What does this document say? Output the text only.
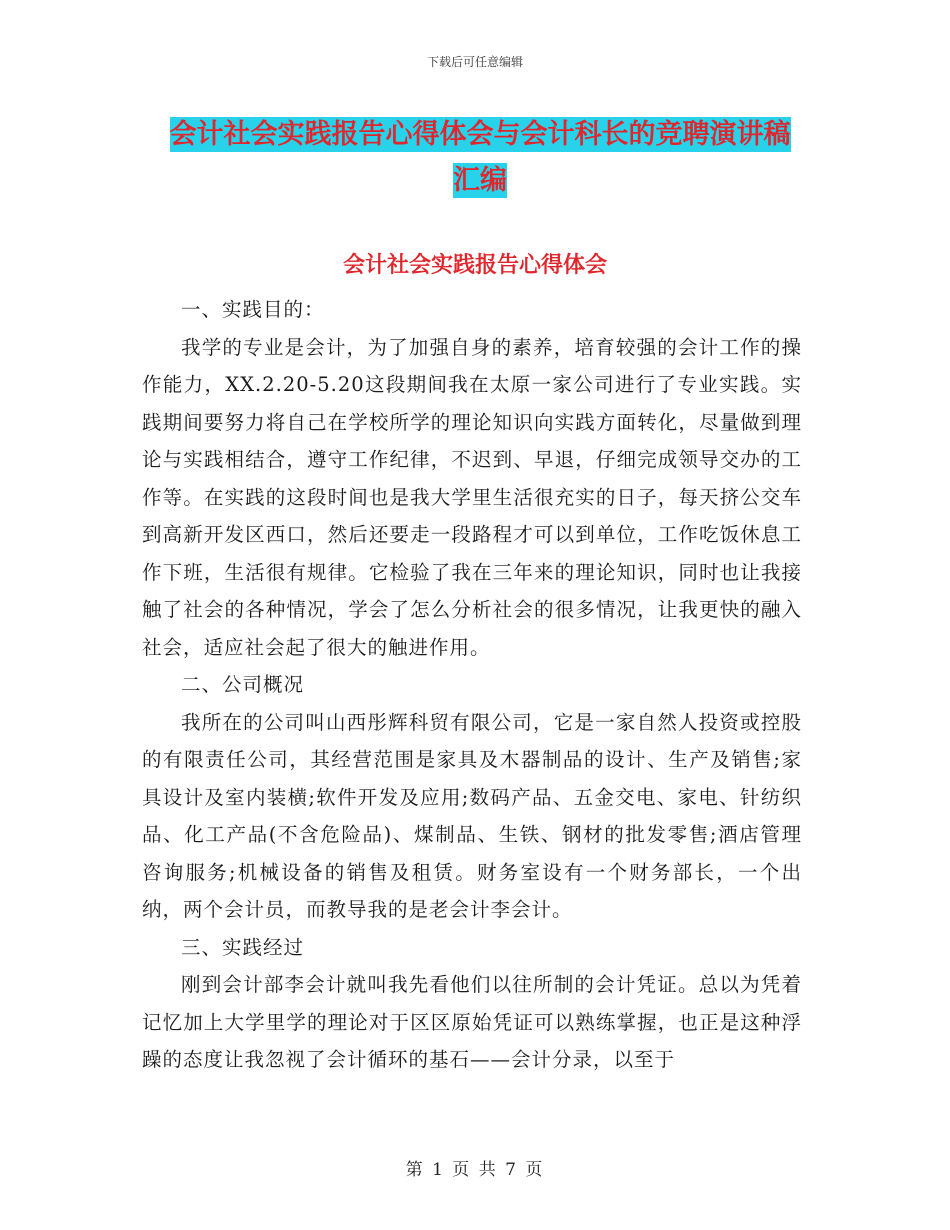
下载后可任意编辑
会计社会实践报告心得体会与会计科长的竞聘演讲稿
汇编
会计社会实践报告心得体会

一、实践目的：

我学的专业是会计，为了加强自身的素养，培育较强的会计工作的操作能力，XX.2.20-5.20这段期间我在太原一家公司进行了专业实践。实践期间要努力将自己在学校所学的理论知识向实践方面转化，尽量做到理论与实践相结合，遵守工作纪律，不迟到、早退，仔细完成领导交办的工作等。在实践的这段时间也是我大学里生活很充实的日子，每天挤公交车到高新开发区西口，然后还要走一段路程才可以到单位，工作吃饭休息工作下班，生活很有规律。它检验了我在三年来的理论知识，同时也让我接触了社会的各种情况，学会了怎么分析社会的很多情况，让我更快的融入社会，适应社会起了很大的触进作用。

二、公司概况

我所在的公司叫山西彤辉科贸有限公司，它是一家自然人投资或控股的有限责任公司，其经营范围是家具及木器制品的设计、生产及销售;家具设计及室内装横;软件开发及应用;数码产品、五金交电、家电、针纺织品、化工产品(不含危险品)、煤制品、生铁、钢材的批发零售;酒店管理咨询服务;机械设备的销售及租赁。财务室设有一个财务部长，一个出纳，两个会计员，而教导我的是老会计李会计。

三、实践经过

刚到会计部李会计就叫我先看他们以往所制的会计凭证。总以为凭着记忆加上大学里学的理论对于区区原始凭证可以熟练掌握，也正是这种浮躁的态度让我忽视了会计循环的基石——会计分录，以至于

第 1 页 共 7 页
